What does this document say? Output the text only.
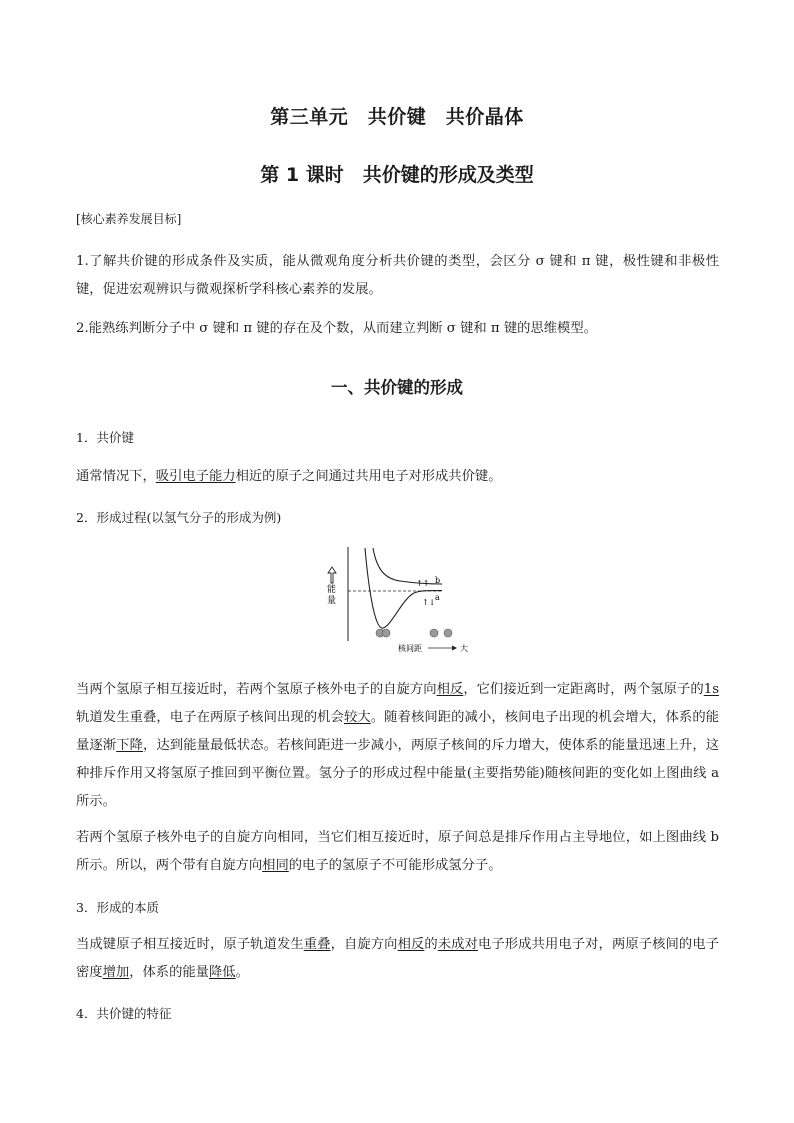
第三单元　共价键　共价晶体
第 1 课时　共价键的形成及类型
[核心素养发展目标]
1.了解共价键的形成条件及实质，能从微观角度分析共价键的类型，会区分 σ 键和 π 键，极性键和非极性键，促进宏观辨识与微观探析学科核心素养的发展。
2.能熟练判断分子中 σ 键和 π 键的存在及个数，从而建立判断 σ 键和 π 键的思维模型。
一、共价键的形成
1．共价键
通常情况下，吸引电子能力相近的原子之间通过共用电子对形成共价键。
2．形成过程(以氢气分子的形成为例)
能
量
b
a
↑↑
↑↓
核间距	大
当两个氢原子相互接近时，若两个氢原子核外电子的自旋方向相反，它们接近到一定距离时，两个氢原子的1s轨道发生重叠，电子在两原子核间出现的机会较大。随着核间距的减小，核间电子出现的机会增大，体系的能量逐渐下降，达到能量最低状态。若核间距进一步减小，两原子核间的斥力增大，使体系的能量迅速上升，这种排斥作用又将氢原子推回到平衡位置。氢分子的形成过程中能量(主要指势能)随核间距的变化如上图曲线 a 所示。
若两个氢原子核外电子的自旋方向相同，当它们相互接近时，原子间总是排斥作用占主导地位，如上图曲线 b 所示。所以，两个带有自旋方向相同的电子的氢原子不可能形成氢分子。
3．形成的本质
当成键原子相互接近时，原子轨道发生重叠，自旋方向相反的未成对电子形成共用电子对，两原子核间的电子密度增加，体系的能量降低。
4．共价键的特征
